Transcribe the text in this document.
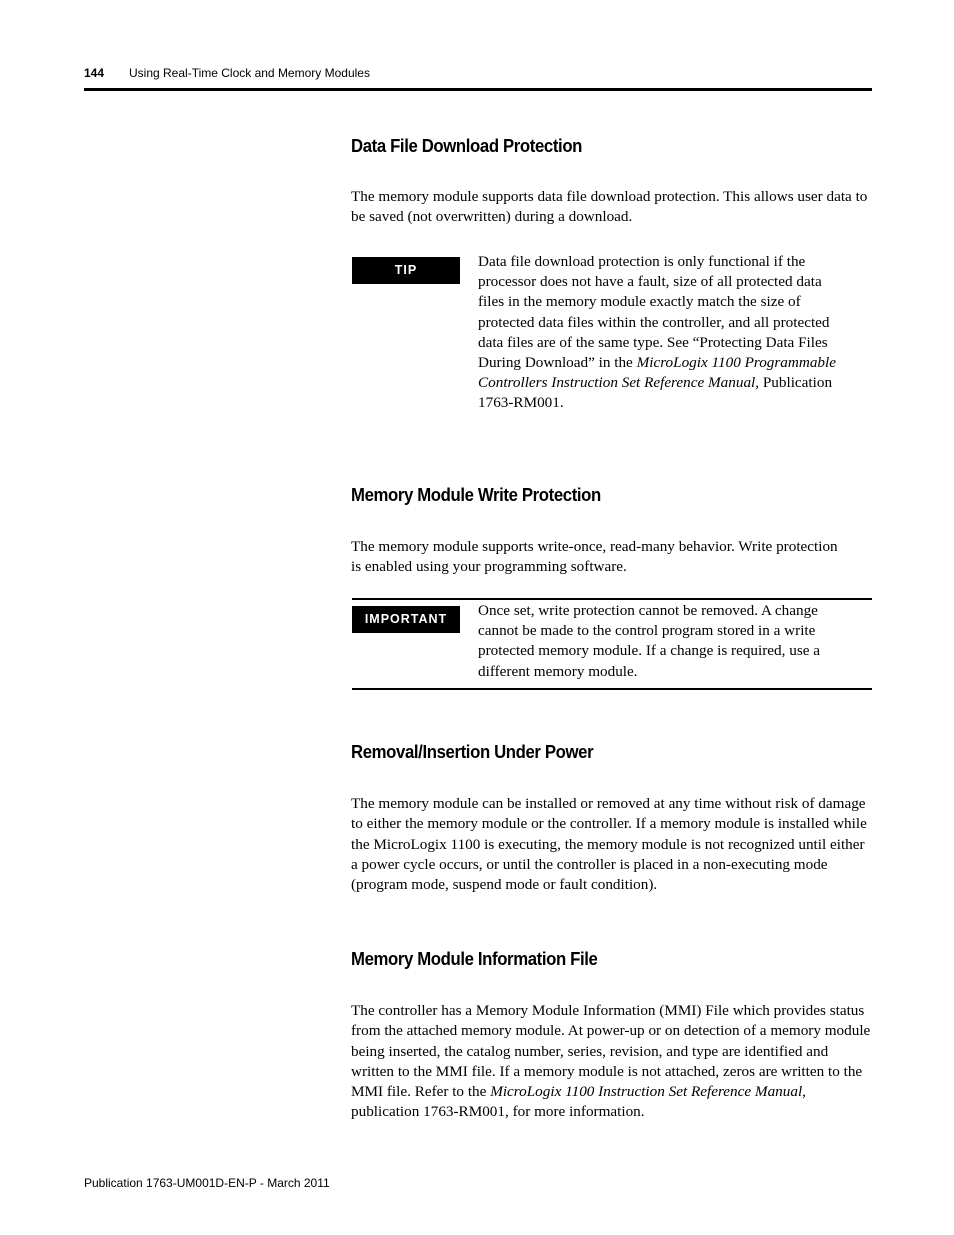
144 Using Real-Time Clock and Memory Modules
Data File Download Protection

The memory module supports data file download protection. This allows user data to be saved (not overwritten) during a download.

TIP	Data file download protection is only functional if the processor does not have a fault, size of all protected data files in the memory module exactly match the size of protected data files within the controller, and all protected data files are of the same type. See “Protecting Data Files During Download” in the MicroLogix 1100 Programmable Controllers Instruction Set Reference Manual, Publication 1763-RM001.

Memory Module Write Protection

The memory module supports write-once, read-many behavior. Write protection is enabled using your programming software.

IMPORTANT	Once set, write protection cannot be removed. A change cannot be made to the control program stored in a write protected memory module. If a change is required, use a different memory module.

Removal/Insertion Under Power

The memory module can be installed or removed at any time without risk of damage to either the memory module or the controller. If a memory module is installed while the MicroLogix 1100 is executing, the memory module is not recognized until either a power cycle occurs, or until the controller is placed in a non-executing mode (program mode, suspend mode or fault condition).

Memory Module Information File

The controller has a Memory Module Information (MMI) File which provides status from the attached memory module. At power-up or on detection of a memory module being inserted, the catalog number, series, revision, and type are identified and written to the MMI file. If a memory module is not attached, zeros are written to the MMI file. Refer to the MicroLogix 1100 Instruction Set Reference Manual, publication 1763-RM001, for more information.

Publication 1763-UM001D-EN-P - March 2011
